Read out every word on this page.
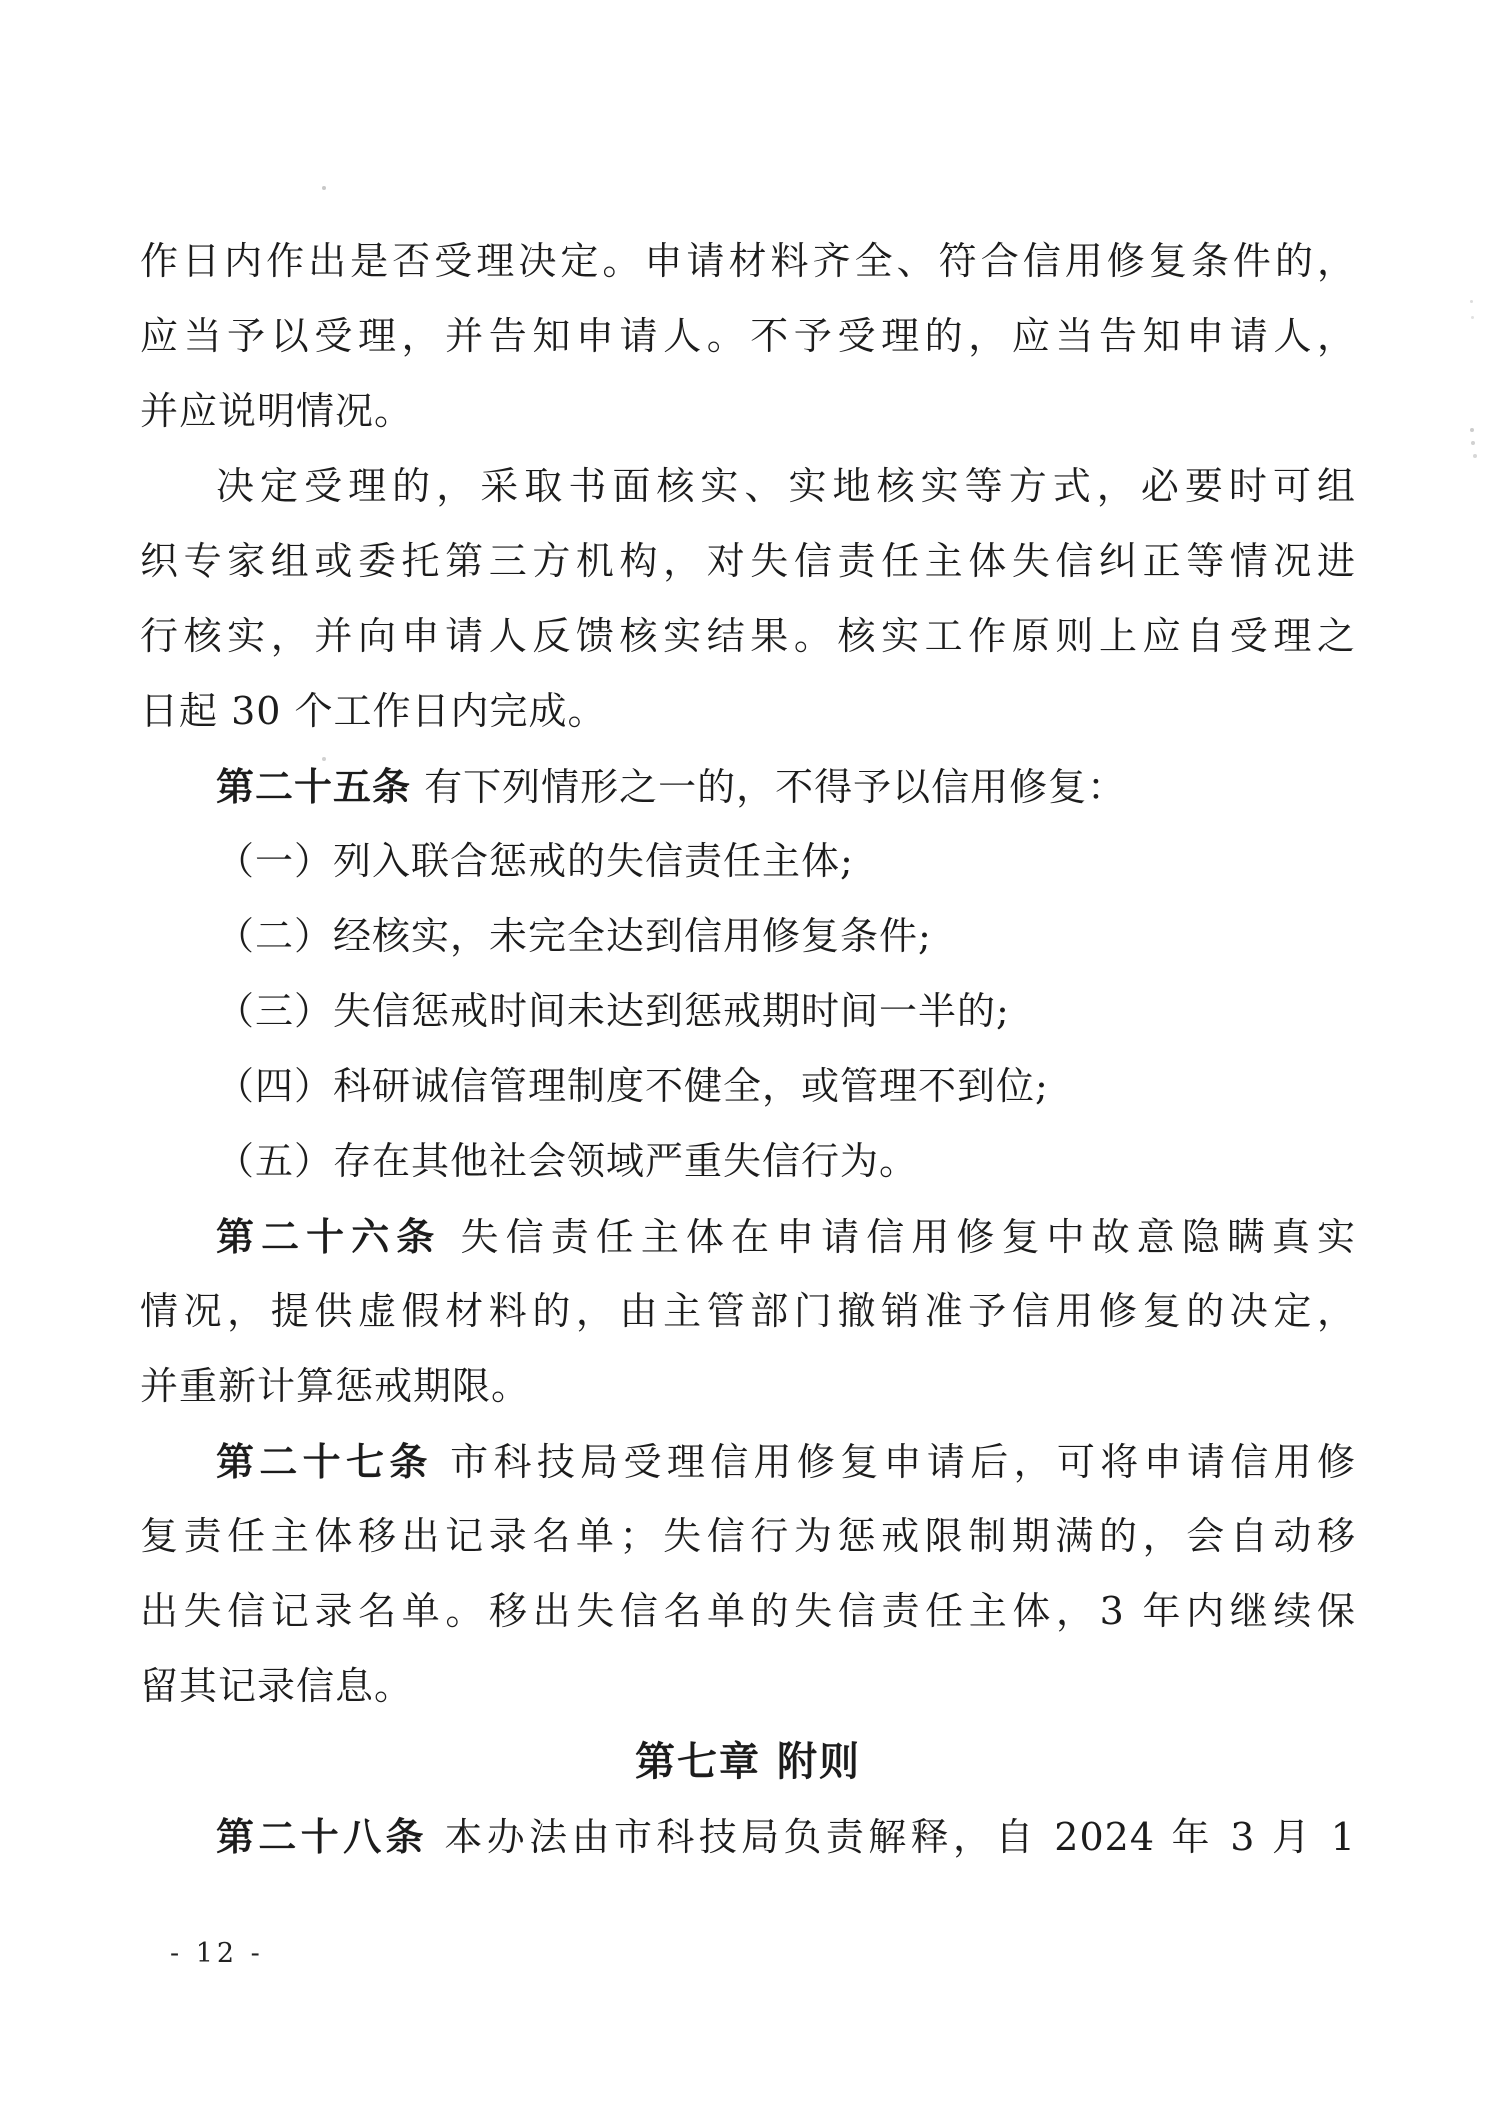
作日内作出是否受理决定。申请材料齐全、符合信用修复条件的，
应当予以受理，并告知申请人。不予受理的，应当告知申请人，
并应说明情况。
决定受理的，采取书面核实、实地核实等方式，必要时可组
织专家组或委托第三方机构，对失信责任主体失信纠正等情况进
行核实，并向申请人反馈核实结果。核实工作原则上应自受理之
日起 30 个工作日内完成。
第二十五条 有下列情形之一的，不得予以信用修复：
（一）列入联合惩戒的失信责任主体;
（二）经核实，未完全达到信用修复条件;
（三）失信惩戒时间未达到惩戒期时间一半的;
（四）科研诚信管理制度不健全，或管理不到位;
（五）存在其他社会领域严重失信行为。
第二十六条 失信责任主体在申请信用修复中故意隐瞒真实
情况，提供虚假材料的，由主管部门撤销准予信用修复的决定，
并重新计算惩戒期限。
第二十七条 市科技局受理信用修复申请后，可将申请信用修
复责任主体移出记录名单；失信行为惩戒限制期满的，会自动移
出失信记录名单。移出失信名单的失信责任主体，3 年内继续保
留其记录信息。
第七章 附则
第二十八条 本办法由市科技局负责解释，自 2024 年 3 月 1
- 12 -
